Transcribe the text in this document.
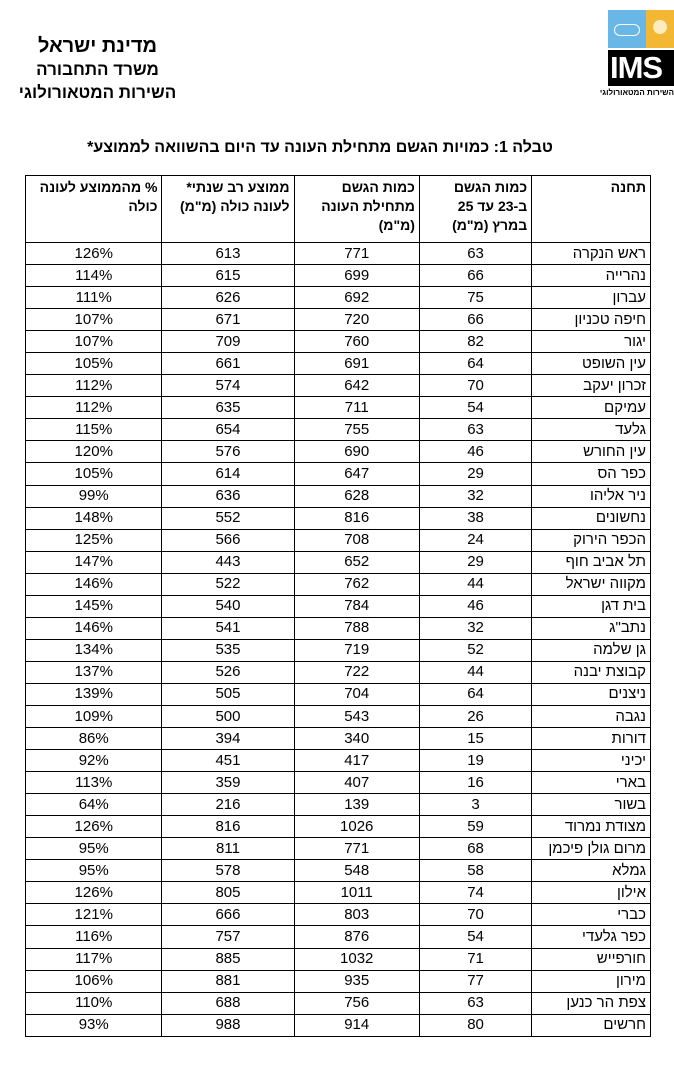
מדינת ישראל
משרד התחבורה
השירות המטאורולוגי
IMS
השירות המטאורולוגי
טבלה 1: כמויות הגשם מתחילת העונה עד היום בהשוואה לממוצע*
תחנה	כמות הגשם ב-23 עד 25 במרץ (מ"מ)	כמות הגשם מתחילת העונה (מ"מ)	ממוצע רב שנתי* לעונה כולה (מ"מ)	% מהממוצע לעונה כולה
ראש הנקרה	63	771	613	126%
נהרייה	66	699	615	114%
עברון	75	692	626	111%
חיפה טכניון	66	720	671	107%
יגור	82	760	709	107%
עין השופט	64	691	661	105%
זכרון יעקב	70	642	574	112%
עמיקם	54	711	635	112%
גלעד	63	755	654	115%
עין החורש	46	690	576	120%
כפר הס	29	647	614	105%
ניר אליהו	32	628	636	99%
נחשונים	38	816	552	148%
הכפר הירוק	24	708	566	125%
תל אביב חוף	29	652	443	147%
מקווה ישראל	44	762	522	146%
בית דגן	46	784	540	145%
נתב"ג	32	788	541	146%
גן שלמה	52	719	535	134%
קבוצת יבנה	44	722	526	137%
ניצנים	64	704	505	139%
נגבה	26	543	500	109%
דורות	15	340	394	86%
יכיני	19	417	451	92%
בארי	16	407	359	113%
בשור	3	139	216	64%
מצודת נמרוד	59	1026	816	126%
מרום גולן פיכמן	68	771	811	95%
גמלא	58	548	578	95%
אילון	74	1011	805	126%
כברי	70	803	666	121%
כפר גלעדי	54	876	757	116%
חורפייש	71	1032	885	117%
מירון	77	935	881	106%
צפת הר כנען	63	756	688	110%
חרשים	80	914	988	93%
